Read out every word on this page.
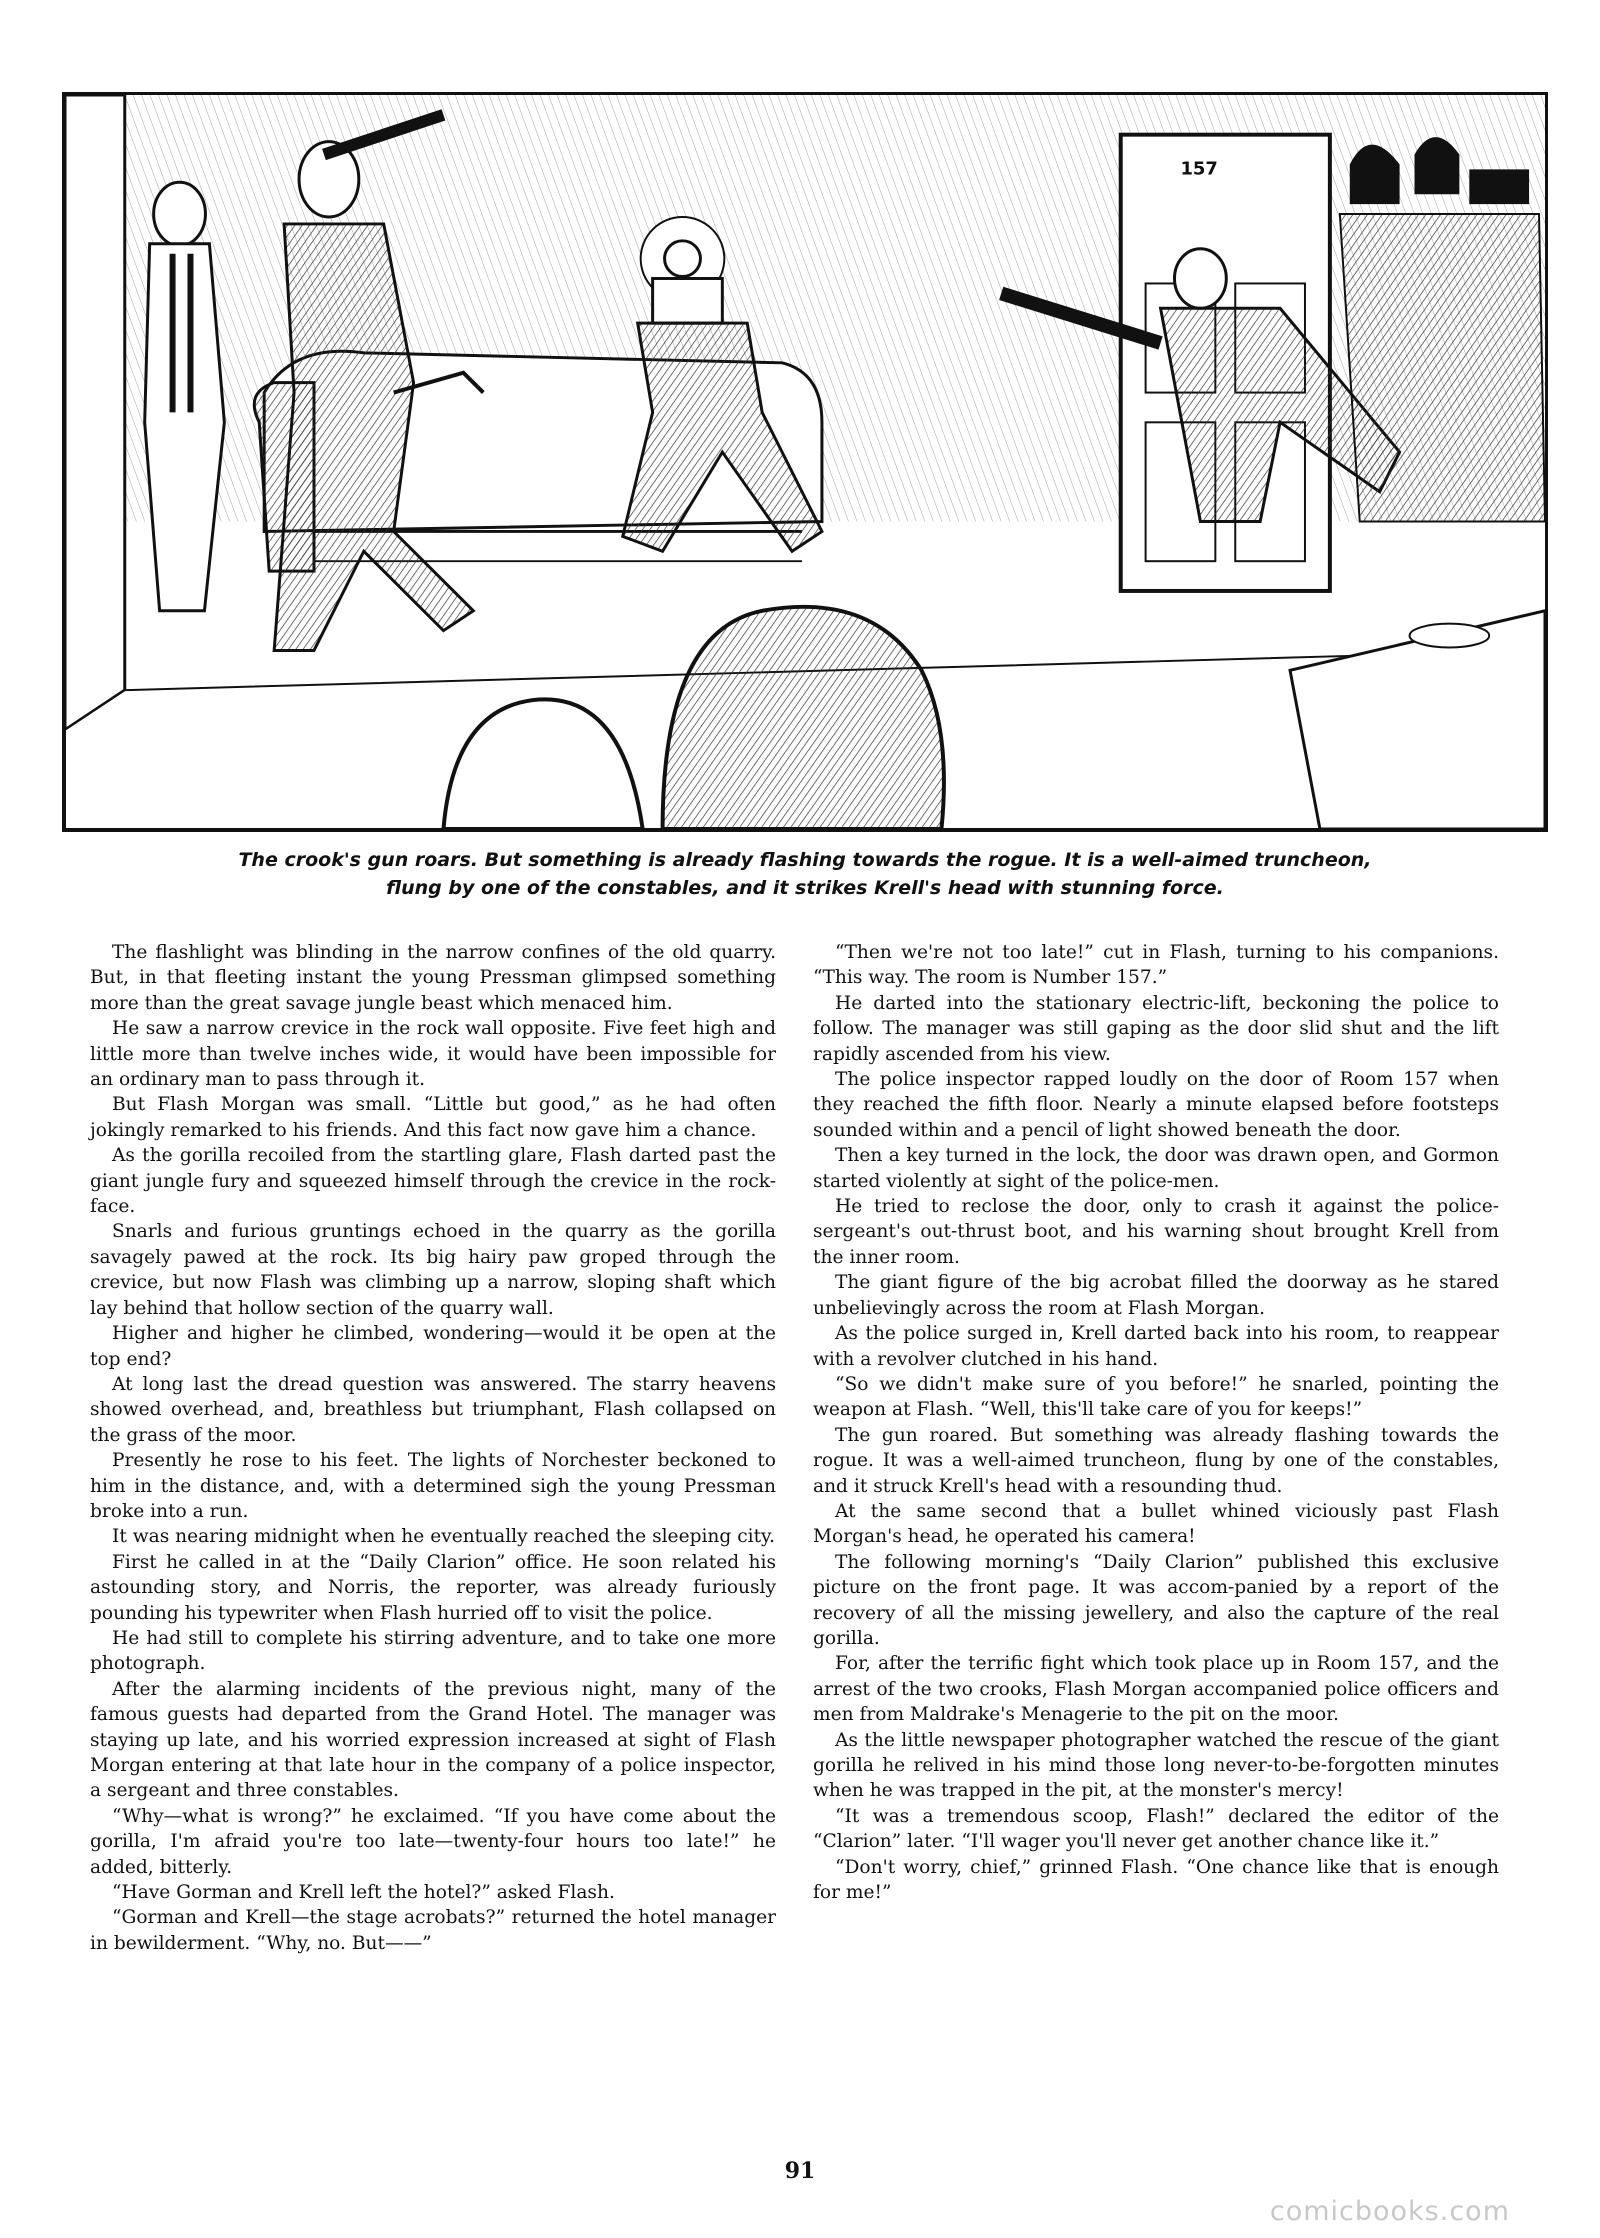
157
The crook's gun roars. But something is already flashing towards the rogue. It is a well-aimed truncheon,
flung by one of the constables, and it strikes Krell's head with stunning force.

The flashlight was blinding in the narrow confines of the old quarry. But, in that fleeting instant the young Pressman glimpsed something more than the great savage jungle beast which menaced him.

He saw a narrow crevice in the rock wall opposite. Five feet high and little more than twelve inches wide, it would have been impossible for an ordinary man to pass through it.

But Flash Morgan was small. “Little but good,” as he had often jokingly remarked to his friends. And this fact now gave him a chance.

As the gorilla recoiled from the startling glare, Flash darted past the giant jungle fury and squeezed himself through the crevice in the rock-face.

Snarls and furious gruntings echoed in the quarry as the gorilla savagely pawed at the rock. Its big hairy paw groped through the crevice, but now Flash was climbing up a narrow, sloping shaft which lay behind that hollow section of the quarry wall.

Higher and higher he climbed, wondering—would it be open at the top end?

At long last the dread question was answered. The starry heavens showed overhead, and, breathless but triumphant, Flash collapsed on the grass of the moor.

Presently he rose to his feet. The lights of Norchester beckoned to him in the distance, and, with a determined sigh the young Pressman broke into a run.

It was nearing midnight when he eventually reached the sleeping city.

First he called in at the “Daily Clarion” office. He soon related his astounding story, and Norris, the reporter, was already furiously pounding his typewriter when Flash hurried off to visit the police.

He had still to complete his stirring adventure, and to take one more photograph.

After the alarming incidents of the previous night, many of the famous guests had departed from the Grand Hotel. The manager was staying up late, and his worried expression increased at sight of Flash Morgan entering at that late hour in the company of a police inspector, a sergeant and three constables.

“Why—what is wrong?” he exclaimed. “If you have come about the gorilla, I'm afraid you're too late—twenty-four hours too late!” he added, bitterly.

“Have Gorman and Krell left the hotel?” asked Flash.

“Gorman and Krell—the stage acrobats?” returned the hotel manager in bewilderment. “Why, no. But——”

“Then we're not too late!” cut in Flash, turning to his companions. “This way. The room is Number 157.”

He darted into the stationary electric-lift, beckoning the police to follow. The manager was still gaping as the door slid shut and the lift rapidly ascended from his view.

The police inspector rapped loudly on the door of Room 157 when they reached the fifth floor. Nearly a minute elapsed before footsteps sounded within and a pencil of light showed beneath the door.

Then a key turned in the lock, the door was drawn open, and Gormon started violently at sight of the police-men.

He tried to reclose the door, only to crash it against the police-sergeant's out-thrust boot, and his warning shout brought Krell from the inner room.

The giant figure of the big acrobat filled the doorway as he stared unbelievingly across the room at Flash Morgan.

As the police surged in, Krell darted back into his room, to reappear with a revolver clutched in his hand.

“So we didn't make sure of you before!” he snarled, pointing the weapon at Flash. “Well, this'll take care of you for keeps!”

The gun roared. But something was already flashing towards the rogue. It was a well-aimed truncheon, flung by one of the constables, and it struck Krell's head with a resounding thud.

At the same second that a bullet whined viciously past Flash Morgan's head, he operated his camera!

The following morning's “Daily Clarion” published this exclusive picture on the front page. It was accom-panied by a report of the recovery of all the missing jewellery, and also the capture of the real gorilla.

For, after the terrific fight which took place up in Room 157, and the arrest of the two crooks, Flash Morgan accompanied police officers and men from Maldrake's Menagerie to the pit on the moor.

As the little newspaper photographer watched the rescue of the giant gorilla he relived in his mind those long never-to-be-forgotten minutes when he was trapped in the pit, at the monster's mercy!

“It was a tremendous scoop, Flash!” declared the editor of the “Clarion” later. “I'll wager you'll never get another chance like it.”

“Don't worry, chief,” grinned Flash. “One chance like that is enough for me!”

91
comicbooks.com
